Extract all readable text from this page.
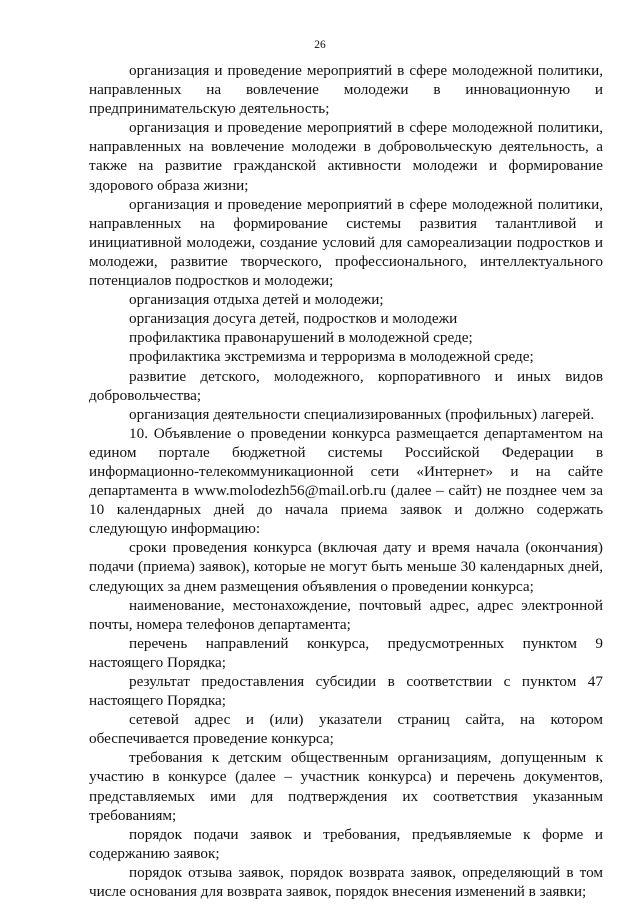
26

организация и проведение мероприятий в сфере молодежной политики, направленных на вовлечение молодежи в инновационную и предпринимательскую деятельность;

организация и проведение мероприятий в сфере молодежной политики, направленных на вовлечение молодежи в добровольческую деятельность, а также на развитие гражданской активности молодежи и формирование здорового образа жизни;

организация и проведение мероприятий в сфере молодежной политики, направленных на формирование системы развития талантливой и инициативной молодежи, создание условий для самореализации подростков и молодежи, развитие творческого, профессионального, интеллектуального потенциалов подростков и молодежи;

организация отдыха детей и молодежи;

организация досуга детей, подростков и молодежи

профилактика правонарушений в молодежной среде;

профилактика экстремизма и терроризма в молодежной среде;

развитие детского, молодежного, корпоративного и иных видов добровольчества;

организация деятельности специализированных (профильных) лагерей.

10. Объявление о проведении конкурса размещается департаментом на едином портале бюджетной системы Российской Федерации в информационно-телекоммуникационной сети «Интернет» и на сайте департамента в www.molodezh56@mail.orb.ru (далее – сайт) не позднее чем за 10 календарных дней до начала приема заявок и должно содержать следующую информацию:

сроки проведения конкурса (включая дату и время начала (окончания) подачи (приема) заявок), которые не могут быть меньше 30 календарных дней, следующих за днем размещения объявления о проведении конкурса;

наименование, местонахождение, почтовый адрес, адрес электронной почты, номера телефонов департамента;

перечень направлений конкурса, предусмотренных пунктом 9 настоящего Порядка;

результат предоставления субсидии в соответствии с пунктом 47 настоящего Порядка;

сетевой адрес и (или) указатели страниц сайта, на котором обеспечивается проведение конкурса;

требования к детским общественным организациям, допущенным к участию в конкурсе (далее – участник конкурса) и перечень документов, представляемых ими для подтверждения их соответствия указанным требованиям;

порядок подачи заявок и требования, предъявляемые к форме и содержанию заявок;

порядок отзыва заявок, порядок возврата заявок, определяющий в том числе основания для возврата заявок, порядок внесения изменений в заявки;
